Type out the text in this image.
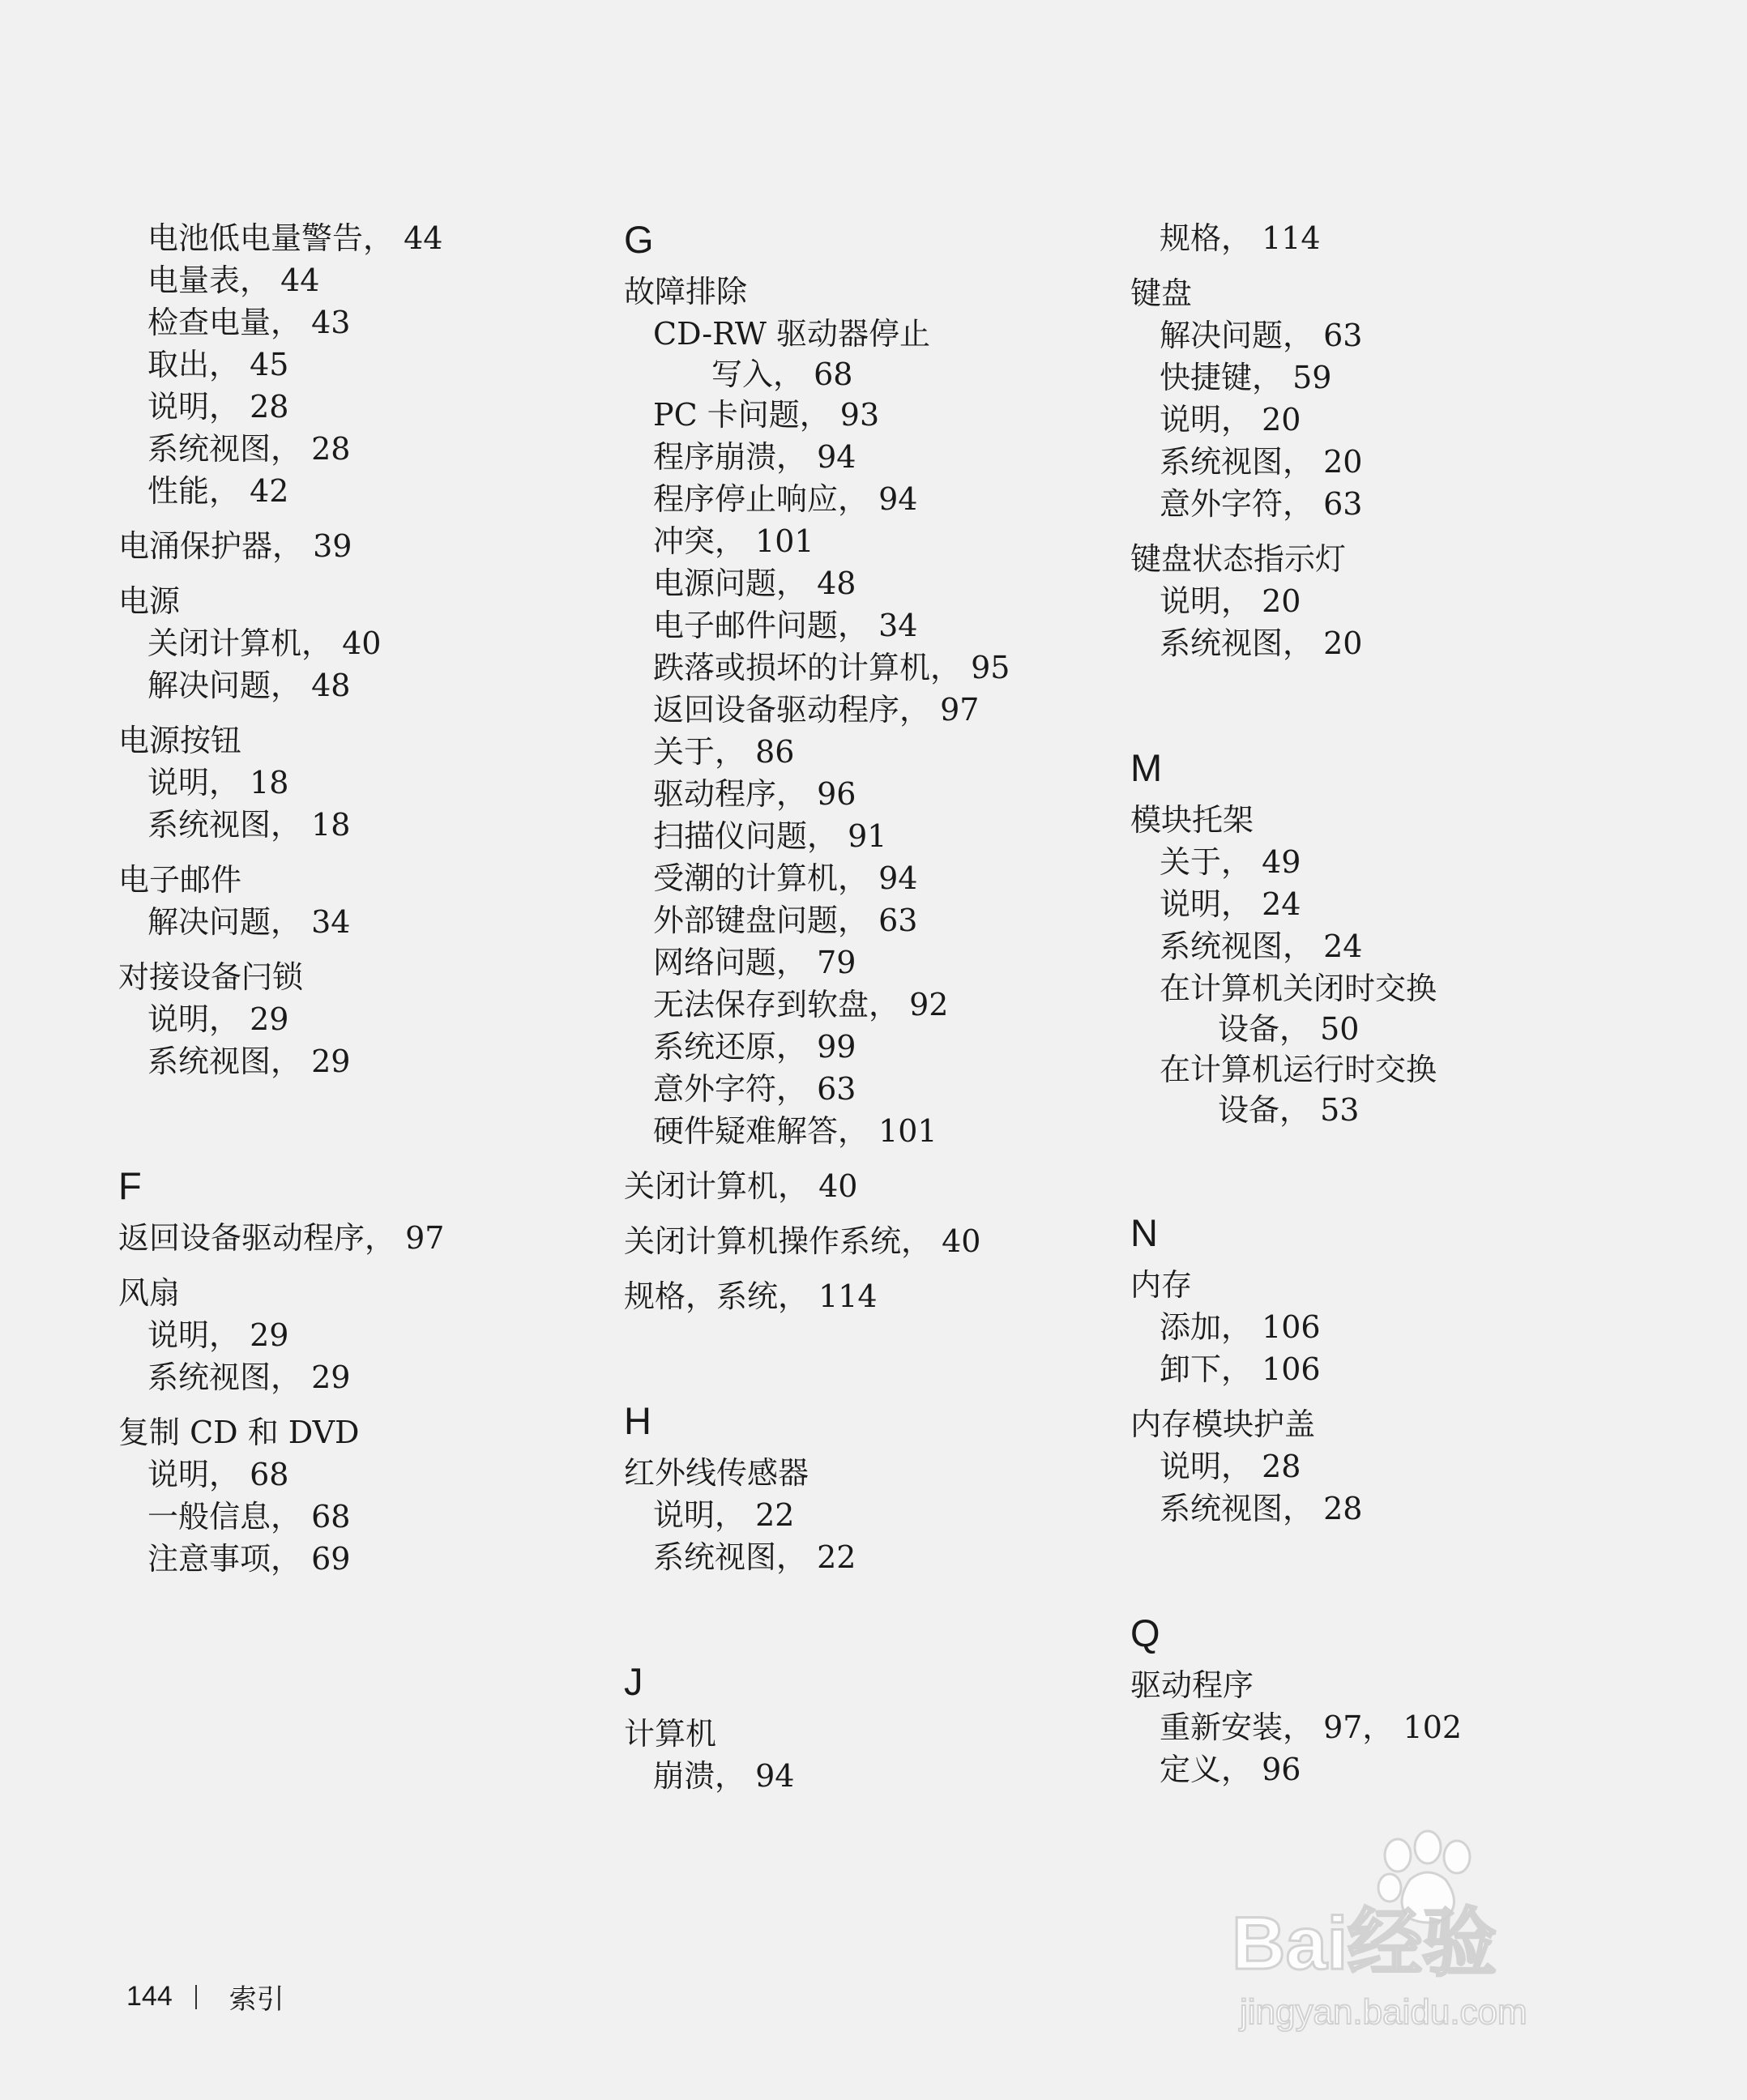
电池低电量警告， 44
电量表， 44
检查电量， 43
取出， 45
说明， 28
系统视图， 28
性能， 42
电涌保护器， 39
电源
关闭计算机， 40
解决问题， 48
电源按钮
说明， 18
系统视图， 18
电子邮件
解决问题， 34
对接设备闩锁
说明， 29
系统视图， 29
F
返回设备驱动程序， 97
风扇
说明， 29
系统视图， 29
复制 CD 和 DVD
说明， 68
一般信息， 68
注意事项， 69
G
故障排除
CD-RW 驱动器停止
写入， 68
PC 卡问题， 93
程序崩溃， 94
程序停止响应， 94
冲突， 101
电源问题， 48
电子邮件问题， 34
跌落或损坏的计算机， 95
返回设备驱动程序， 97
关于， 86
驱动程序， 96
扫描仪问题， 91
受潮的计算机， 94
外部键盘问题， 63
网络问题， 79
无法保存到软盘， 92
系统还原， 99
意外字符， 63
硬件疑难解答， 101
关闭计算机， 40
关闭计算机操作系统， 40
规格，系统， 114
H
红外线传感器
说明， 22
系统视图， 22
J
计算机
崩溃， 94
规格， 114
键盘
解决问题， 63
快捷键， 59
说明， 20
系统视图， 20
意外字符， 63
键盘状态指示灯
说明， 20
系统视图， 20
M
模块托架
关于， 49
说明， 24
系统视图， 24
在计算机关闭时交换
设备， 50
在计算机运行时交换
设备， 53
N
内存
添加， 106
卸下， 106
内存模块护盖
说明， 28
系统视图， 28
Q
驱动程序
重新安装， 97， 102
定义， 96
144 索引
Bai经验
jingyan.baidu.com
